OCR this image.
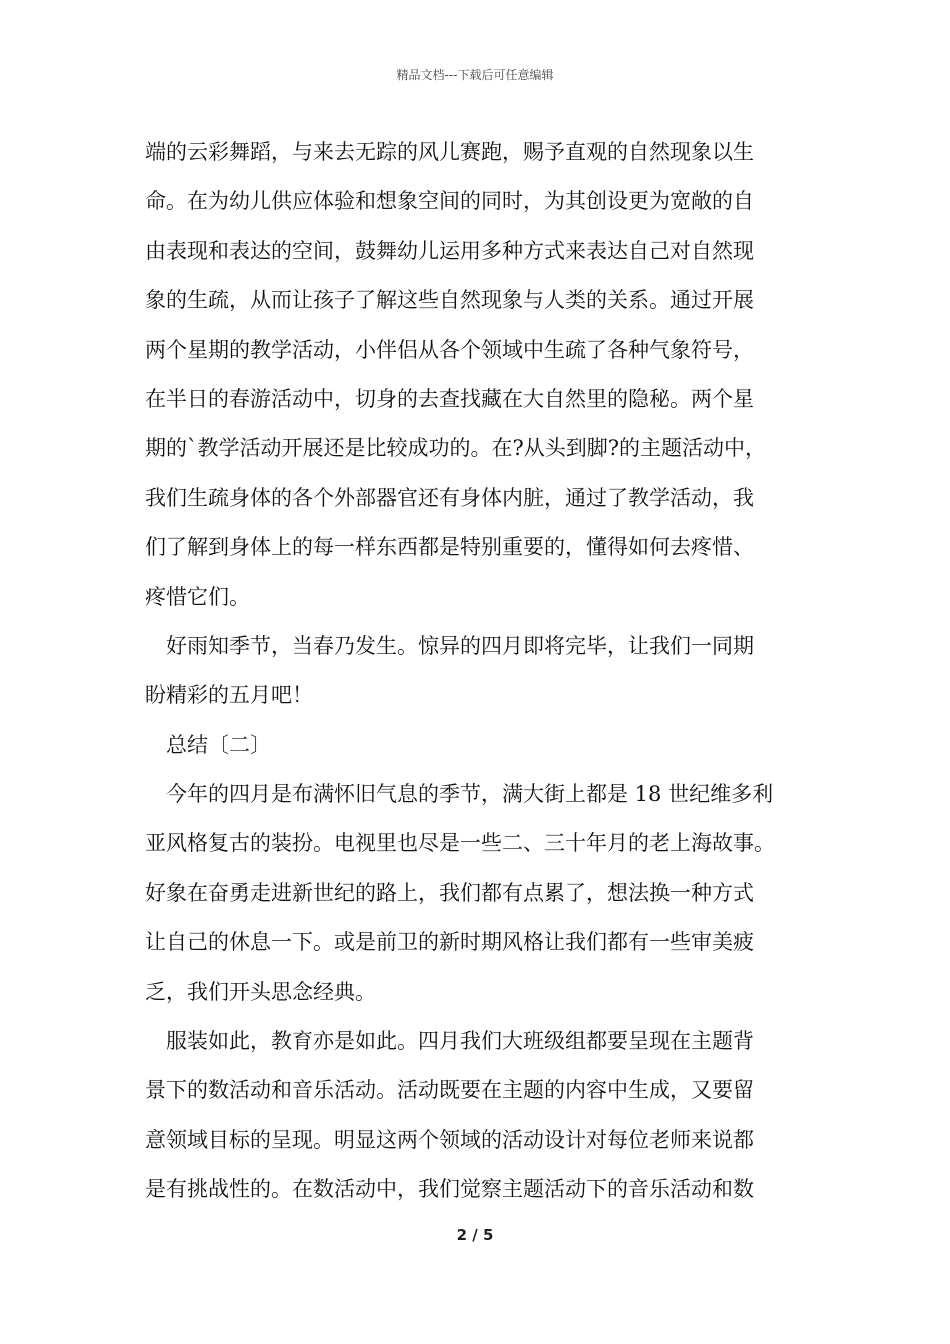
精品文档---下载后可任意编辑
端的云彩舞蹈，与来去无踪的风儿赛跑，赐予直观的自然现象以生
命。在为幼儿供应体验和想象空间的同时，为其创设更为宽敞的自
由表现和表达的空间，鼓舞幼儿运用多种方式来表达自己对自然现
象的生疏，从而让孩子了解这些自然现象与人类的关系。通过开展
两个星期的教学活动，小伴侣从各个领域中生疏了各种气象符号，
在半日的春游活动中，切身的去查找藏在大自然里的隐秘。两个星
期的`教学活动开展还是比较成功的。在?从头到脚?的主题活动中，
我们生疏身体的各个外部器官还有身体内脏，通过了教学活动，我
们了解到身体上的每一样东西都是特别重要的，懂得如何去疼惜、
疼惜它们。
好雨知季节，当春乃发生。惊异的四月即将完毕，让我们一同期
盼精彩的五月吧！
总结〔二〕
今年的四月是布满怀旧气息的季节，满大街上都是 18 世纪维多利
亚风格复古的装扮。电视里也尽是一些二、三十年月的老上海故事。
好象在奋勇走进新世纪的路上，我们都有点累了，想法换一种方式
让自己的休息一下。或是前卫的新时期风格让我们都有一些审美疲
乏，我们开头思念经典。
服装如此，教育亦是如此。四月我们大班级组都要呈现在主题背
景下的数活动和音乐活动。活动既要在主题的内容中生成，又要留
意领域目标的呈现。明显这两个领域的活动设计对每位老师来说都
是有挑战性的。在数活动中，我们觉察主题活动下的音乐活动和数
2 / 5
